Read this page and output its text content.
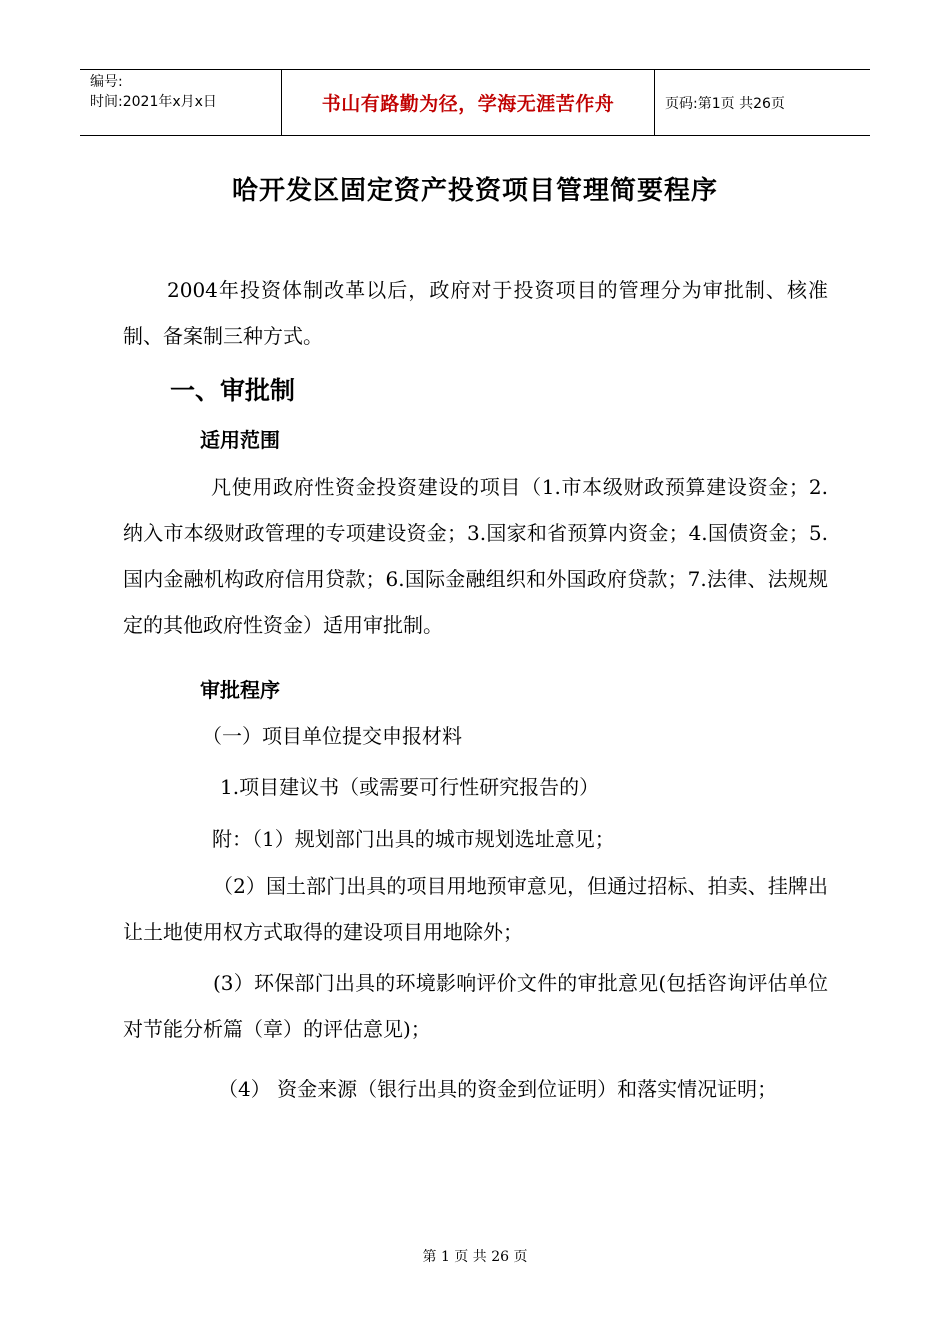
编号:
时间:2021年x月x日	书山有路勤为径，学海无涯苦作舟	页码:第1页 共26页
哈开发区固定资产投资项目管理简要程序
2004年投资体制改革以后，政府对于投资项目的管理分为审批制、核准制、备案制三种方式。
一、审批制
适用范围
凡使用政府性资金投资建设的项目（1.市本级财政预算建设资金；2.纳入市本级财政管理的专项建设资金；3.国家和省预算内资金；4.国债资金；5.国内金融机构政府信用贷款；6.国际金融组织和外国政府贷款；7.法律、法规规定的其他政府性资金）适用审批制。
审批程序
（一）项目单位提交申报材料
1.项目建议书（或需要可行性研究报告的）
附：（1）规划部门出具的城市规划选址意见；
（2）国土部门出具的项目用地预审意见，但通过招标、拍卖、挂牌出让土地使用权方式取得的建设项目用地除外；
(3）环保部门出具的环境影响评价文件的审批意见(包括咨询评估单位对节能分析篇（章）的评估意见)；
（4） 资金来源（银行出具的资金到位证明）和落实情况证明；
第 1 页 共 26 页
